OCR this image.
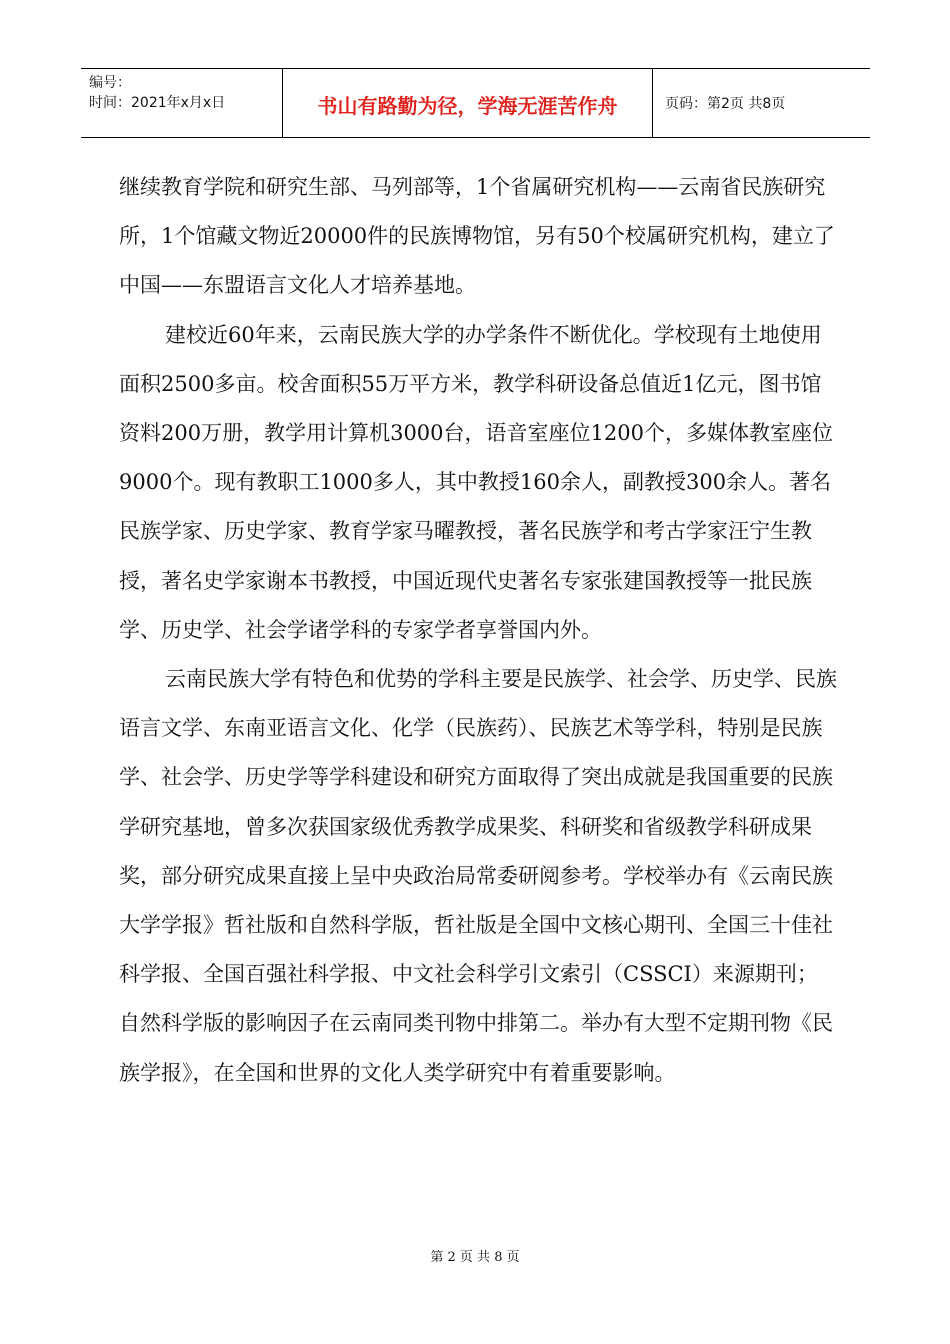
编号：
时间：2021年x月x日	书山有路勤为径，学海无涯苦作舟	页码：第2页 共8页

继续教育学院和研究生部、马列部等，1个省属研究机构——云南省民族研究所，1个馆藏文物近20000件的民族博物馆，另有50个校属研究机构，建立了中国——东盟语言文化人才培养基地。

建校近60年来，云南民族大学的办学条件不断优化。学校现有土地使用面积2500多亩。校舍面积55万平方米，教学科研设备总值近1亿元，图书馆资料200万册，教学用计算机3000台，语音室座位1200个，多媒体教室座位9000个。现有教职工1000多人，其中教授160余人，副教授300余人。著名民族学家、历史学家、教育学家马曜教授，著名民族学和考古学家汪宁生教授，著名史学家谢本书教授，中国近现代史著名专家张建国教授等一批民族学、历史学、社会学诸学科的专家学者享誉国内外。

云南民族大学有特色和优势的学科主要是民族学、社会学、历史学、民族语言文学、东南亚语言文化、化学（民族药）、民族艺术等学科，特别是民族学、社会学、历史学等学科建设和研究方面取得了突出成就是我国重要的民族学研究基地，曾多次获国家级优秀教学成果奖、科研奖和省级教学科研成果奖，部分研究成果直接上呈中央政治局常委研阅参考。学校举办有《云南民族大学学报》哲社版和自然科学版，哲社版是全国中文核心期刊、全国三十佳社科学报、全国百强社科学报、中文社会科学引文索引（CSSCI）来源期刊；自然科学版的影响因子在云南同类刊物中排第二。举办有大型不定期刊物《民族学报》，在全国和世界的文化人类学研究中有着重要影响。

第 2 页 共 8 页
